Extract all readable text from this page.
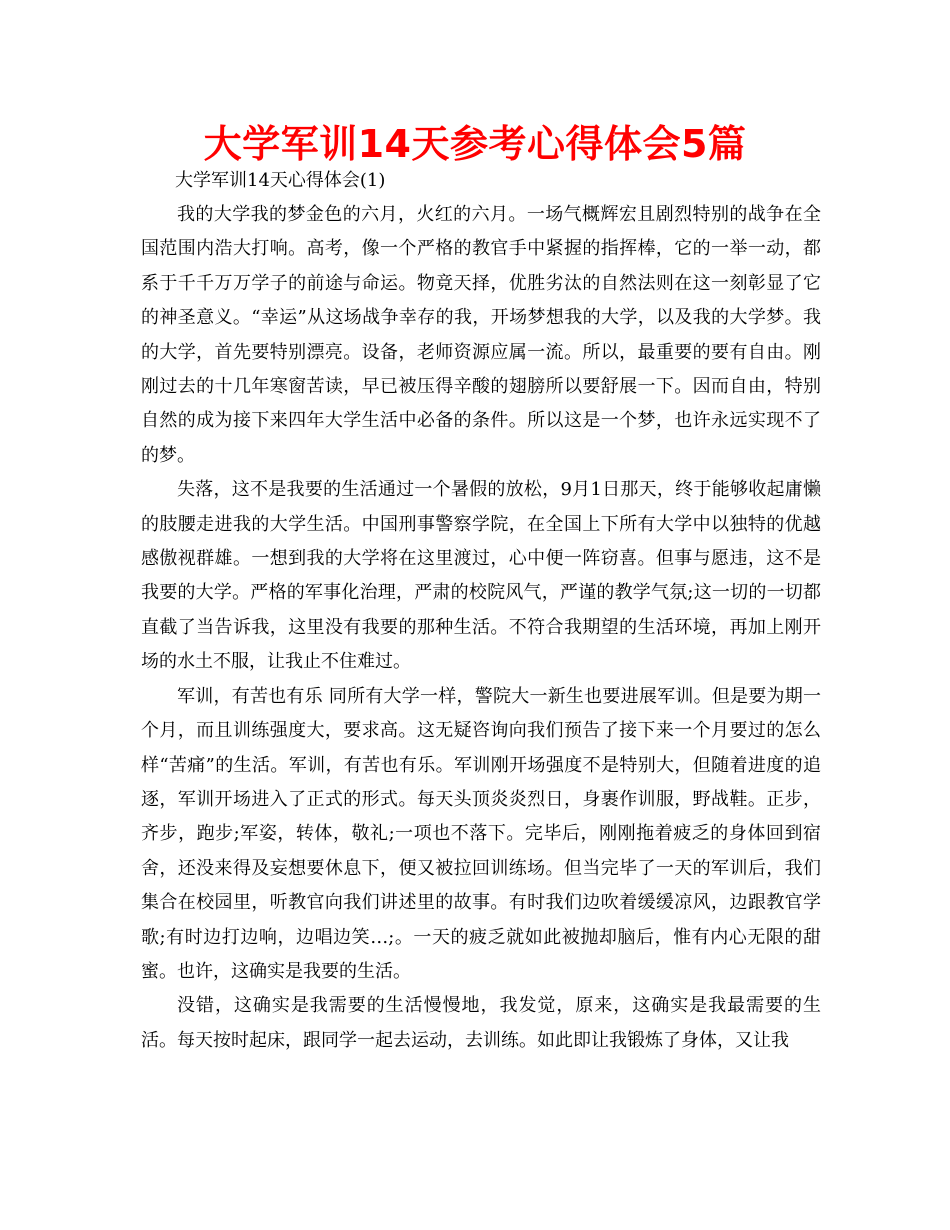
大学军训14天参考心得体会5篇

大学军训14天心得体会(1)

我的大学我的梦金色的六月，火红的六月。一场气概辉宏且剧烈特别的战争在全国范围内浩大打响。高考，像一个严格的教官手中紧握的指挥棒，它的一举一动，都系于千千万万学子的前途与命运。物竟天择，优胜劣汰的自然法则在这一刻彰显了它的神圣意义。“幸运”从这场战争幸存的我，开场梦想我的大学，以及我的大学梦。我的大学，首先要特别漂亮。设备，老师资源应属一流。所以，最重要的要有自由。刚刚过去的十几年寒窗苦读，早已被压得辛酸的翅膀所以要舒展一下。因而自由，特别自然的成为接下来四年大学生活中必备的条件。所以这是一个梦，也许永远实现不了的梦。

失落，这不是我要的生活通过一个暑假的放松，9月1日那天，终于能够收起庸懒的肢腰走进我的大学生活。中国刑事警察学院，在全国上下所有大学中以独特的优越感傲视群雄。一想到我的大学将在这里渡过，心中便一阵窃喜。但事与愿违，这不是我要的大学。严格的军事化治理，严肃的校院风气，严谨的教学气氛;这一切的一切都直截了当告诉我，这里没有我要的那种生活。不符合我期望的生活环境，再加上刚开场的水土不服，让我止不住难过。

军训，有苦也有乐 同所有大学一样，警院大一新生也要进展军训。但是要为期一个月，而且训练强度大，要求高。这无疑咨询向我们预告了接下来一个月要过的怎么样“苦痛”的生活。军训，有苦也有乐。军训刚开场强度不是特别大，但随着进度的追逐，军训开场进入了正式的形式。每天头顶炎炎烈日，身裹作训服，野战鞋。正步，齐步，跑步;军姿，转体，敬礼;一项也不落下。完毕后，刚刚拖着疲乏的身体回到宿舍，还没来得及妄想要休息下，便又被拉回训练场。但当完毕了一天的军训后，我们集合在校园里，听教官向我们讲述里的故事。有时我们边吹着缓缓凉风，边跟教官学歌;有时边打边响，边唱边笑…;。一天的疲乏就如此被抛却脑后，惟有内心无限的甜蜜。也许，这确实是我要的生活。

没错，这确实是我需要的生活慢慢地，我发觉，原来，这确实是我最需要的生活。每天按时起床，跟同学一起去运动，去训练。如此即让我锻炼了身体，又让我
